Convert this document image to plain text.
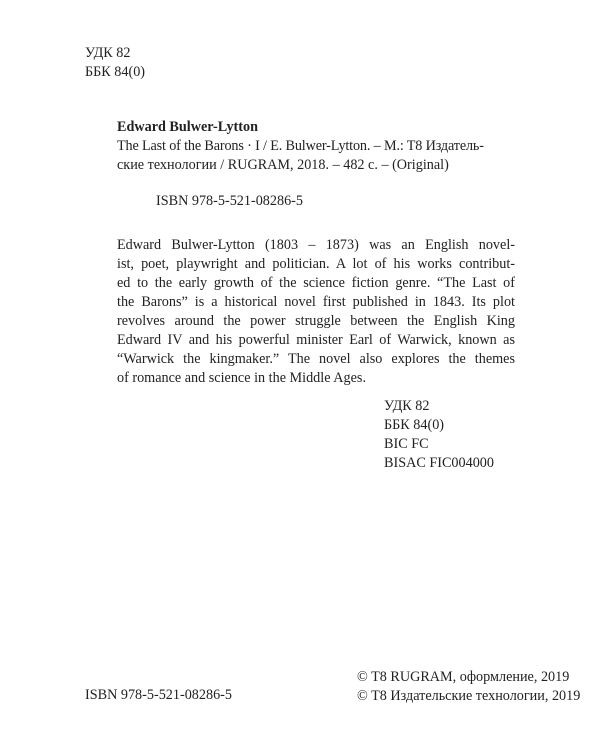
УДК 82
ББК 84(0)
Edward Bulwer-Lytton
The Last of the Barons · I / E. Bulwer-Lytton. – M.: T8 Издатель-
ские технологии / RUGRAM, 2018. – 482 с. – (Original)
ISBN 978-5-521-08286-5
Edward Bulwer-Lytton (1803 – 1873) was an English novel-
ist, poet, playwright and politician. A lot of his works contribut-
ed to the early growth of the science fiction genre. “The Last of
the Barons” is a historical novel first published in 1843. Its plot
revolves around the power struggle between the English King
Edward IV and his powerful minister Earl of Warwick, known as
“Warwick the kingmaker.” The novel also explores the themes
of romance and science in the Middle Ages.
УДК 82
ББК 84(0)
BIC FC
BISAC FIC004000
ISBN 978-5-521-08286-5
© T8 RUGRAM, оформление, 2019
© T8 Издательские технологии, 2019
